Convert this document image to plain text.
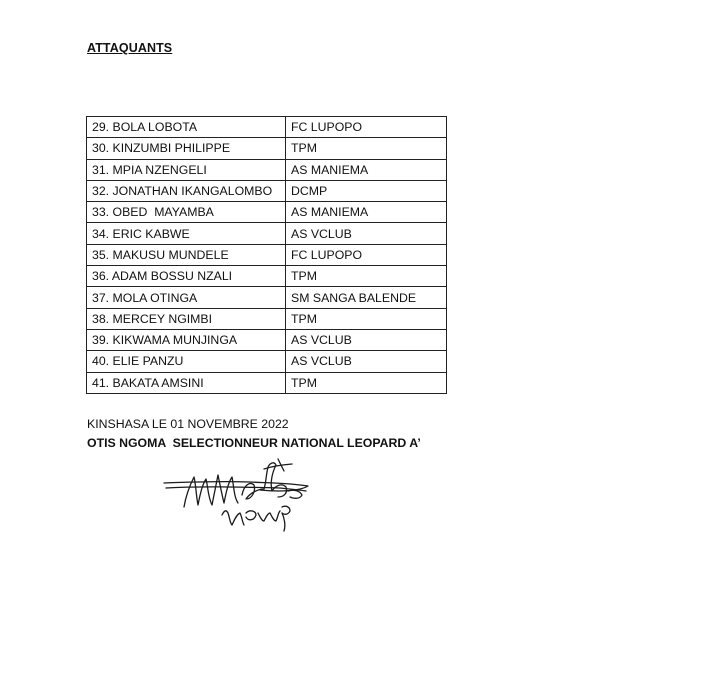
ATTAQUANTS
29. BOLA LOBOTA	FC LUPOPO
30. KINZUMBI PHILIPPE	TPM
31. MPIA NZENGELI	AS MANIEMA
32. JONATHAN IKANGALOMBO	DCMP
33. OBED  MAYAMBA	AS MANIEMA
34. ERIC KABWE	AS VCLUB
35. MAKUSU MUNDELE	FC LUPOPO
36. ADAM BOSSU NZALI	TPM
37. MOLA OTINGA	SM SANGA BALENDE
38. MERCEY NGIMBI	TPM
39. KIKWAMA MUNJINGA	AS VCLUB
40. ELIE PANZU	AS VCLUB
41. BAKATA AMSINI	TPM
KINSHASA LE 01 NOVEMBRE 2022
OTIS NGOMA  SELECTIONNEUR NATIONAL LEOPARD A’
